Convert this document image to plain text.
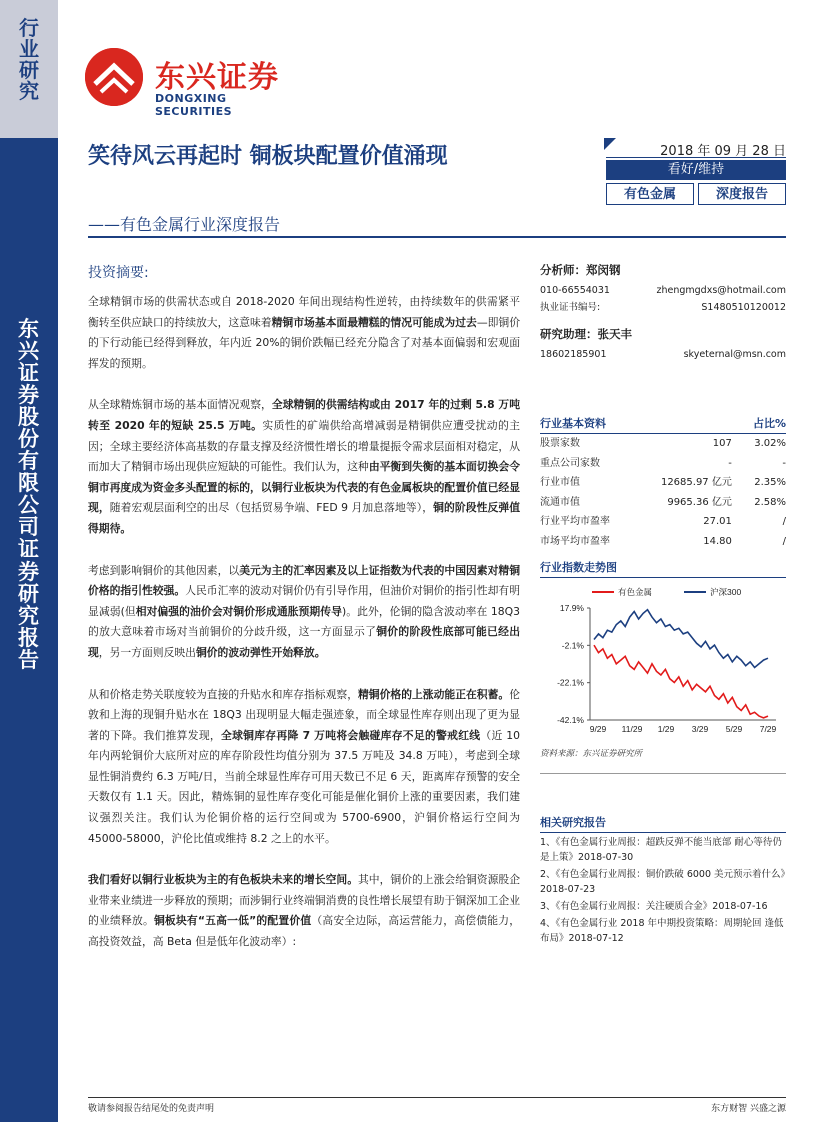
行
业
研
究
东
兴
证
券
股
份
有
限
公
司
证
券
研
究
报
告
东兴证券
DONGXING SECURITIES
笑待风云再起时 铜板块配置价值涌现
——有色金属行业深度报告
2018 年 09 月 28 日
看好/维持
有色金属	深度报告
投资摘要:
全球精铜市场的供需状态或自 2018-2020 年间出现结构性逆转，由持续数年的供需紧平衡转至供应缺口的持续放大，这意味着精铜市场基本面最糟糕的情况可能成为过去—即铜价的下行动能已经得到释放，年内近 20%的铜价跌幅已经充分隐含了对基本面偏弱和宏观面挥发的预期。
从全球精炼铜市场的基本面情况观察，全球精铜的供需结构或由 2017 年的过剩 5.8 万吨转至 2020 年的短缺 25.5 万吨。实质性的矿端供给高增减弱是精铜供应遭受扰动的主因；全球主要经济体高基数的存量支撑及经济惯性增长的增量提振令需求层面相对稳定，从而加大了精铜市场出现供应短缺的可能性。我们认为，这种由平衡到失衡的基本面切换会令铜市再度成为资金多头配置的标的，以铜行业板块为代表的有色金属板块的配置价值已经显现，随着宏观层面利空的出尽（包括贸易争端、FED 9 月加息落地等），铜的阶段性反弹值得期待。
考虑到影响铜价的其他因素，以美元为主的汇率因素及以上证指数为代表的中国因素对精铜价格的指引性较强。人民币汇率的波动对铜价仍有引导作用，但油价对铜价的指引性却有明显减弱(但相对偏强的油价会对铜价形成通胀预期传导)。此外，伦铜的隐含波动率在 18Q3 的放大意味着市场对当前铜价的分歧升级，这一方面显示了铜价的阶段性底部可能已经出现，另一方面则反映出铜价的波动弹性开始释放。
从和价格走势关联度较为直接的升贴水和库存指标观察，精铜价格的上涨动能正在积蓄。伦敦和上海的现铜升贴水在 18Q3 出现明显大幅走强迹象，而全球显性库存则出现了更为显著的下降。我们推算发现，全球铜库存再降 7 万吨将会触碰库存不足的警戒红线（近 10 年内两轮铜价大底所对应的库存阶段性均值分别为 37.5 万吨及 34.8 万吨），考虑到全球显性铜消费约 6.3 万吨/日，当前全球显性库存可用天数已不足 6 天，距离库存预警的安全天数仅有 1.1 天。因此，精炼铜的显性库存变化可能是催化铜价上涨的重要因素，我们建议强烈关注。我们认为伦铜价格的运行空间或为 5700-6900，沪铜价格运行空间为 45000-58000，沪伦比值或维持 8.2 之上的水平。
我们看好以铜行业板块为主的有色板块未来的增长空间。其中，铜价的上涨会给铜资源股企业带来业绩进一步释放的预期；而涉铜行业终端铜消费的良性增长展望有助于铜深加工企业的业绩释放。铜板块有“五高一低”的配置价值（高安全边际，高运营能力，高偿债能力，高投资效益，高 Beta 但是低年化波动率）:
分析师：郑闵钢
010-66554031	zhengmgdxs@hotmail.com
执业证书编号:	S1480510120012
研究助理：张天丰
18602185901	skyeternal@msn.com
行业基本资料	占比%
股票家数	107	3.02%
重点公司家数	-	-
行业市值	12685.97 亿元	2.35%
流通市值	9965.36 亿元	2.58%
行业平均市盈率	27.01	/
市场平均市盈率	14.80	/
行业指数走势图
17.9%
-2.1%
-22.1%
-42.1%
9/29 11/29 1/29 3/29 5/29 7/29
有色金属	沪深300
资料来源：东兴证券研究所
相关研究报告
1、《有色金属行业周报：超跌反弹不能当底部 耐心等待仍是上策》2018-07-30
2、《有色金属行业周报：铜价跌破 6000 美元预示着什么》2018-07-23
3、《有色金属行业周报：关注硬质合金》2018-07-16
4、《有色金属行业 2018 年中期投资策略：周期轮回 逢低布局》2018-07-12
敬请参阅报告结尾处的免责声明	东方财智 兴盛之源
